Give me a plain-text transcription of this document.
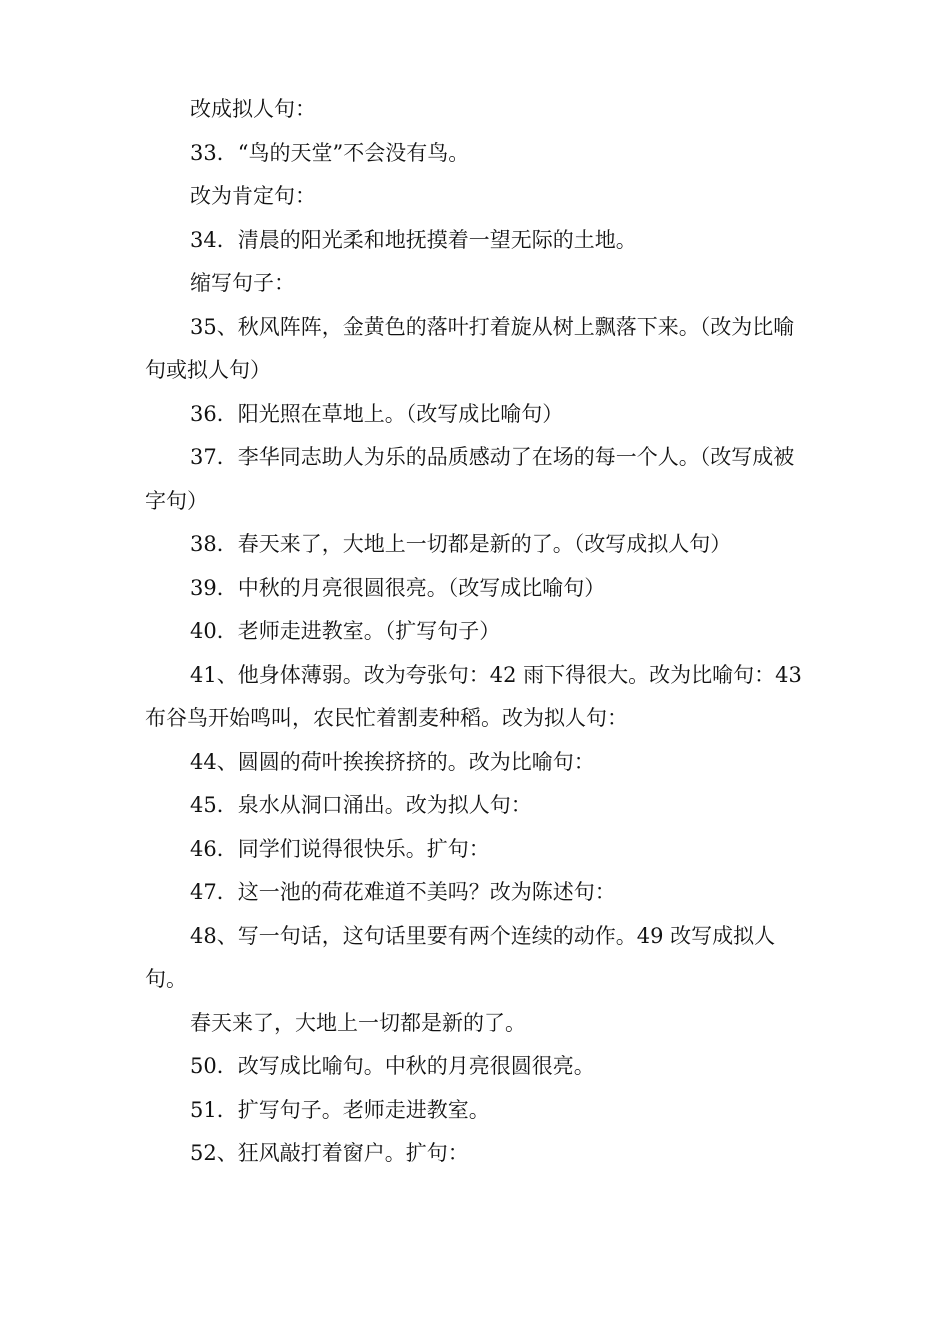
改成拟人句：

33．“鸟的天堂”不会没有鸟。

改为肯定句：

34．清晨的阳光柔和地抚摸着一望无际的土地。

缩写句子：

35、秋风阵阵，金黄色的落叶打着旋从树上飘落下来。（改为比喻句或拟人句）

36．阳光照在草地上。（改写成比喻句）

37．李华同志助人为乐的品质感动了在场的每一个人。（改写成被字句）

38．春天来了，大地上一切都是新的了。（改写成拟人句）

39．中秋的月亮很圆很亮。（改写成比喻句）

40．老师走进教室。（扩写句子）

41、他身体薄弱。改为夸张句：42 雨下得很大。改为比喻句：43 布谷鸟开始鸣叫，农民忙着割麦种稻。改为拟人句：

44、圆圆的荷叶挨挨挤挤的。改为比喻句：

45．泉水从洞口涌出。改为拟人句：

46．同学们说得很快乐。扩句：

47．这一池的荷花难道不美吗？改为陈述句：

48、写一句话，这句话里要有两个连续的动作。49 改写成拟人句。

春天来了，大地上一切都是新的了。

50．改写成比喻句。中秋的月亮很圆很亮。

51．扩写句子。老师走进教室。

52、狂风敲打着窗户。扩句：
